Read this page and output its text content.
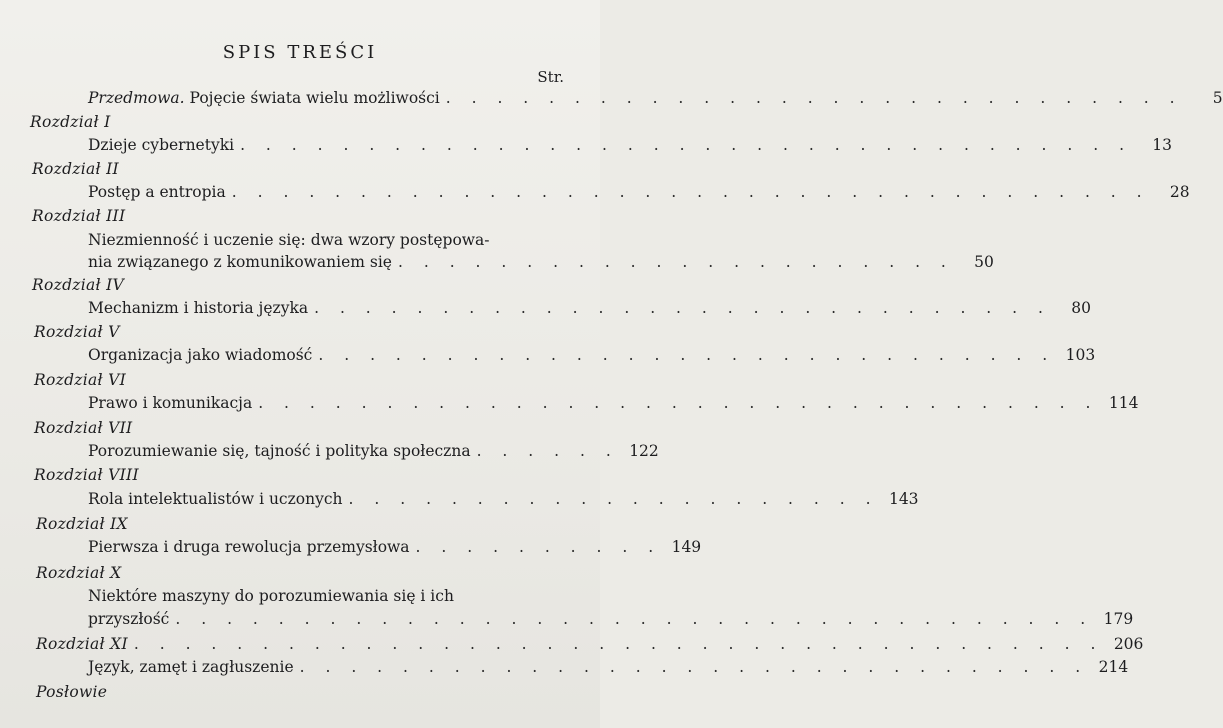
SPIS TREŚCI
Str.
Przedmowa. Pojęcie świata wielu możliwości . . . . . . . . . . . . . . . . . . . . . . . . . . . . .	5
Rozdział I
Dzieje cybernetyki . . . . . . . . . . . . . . . . . . . . . . . . . . . . . . . . . . .	13
Rozdział II
Postęp a entropia . . . . . . . . . . . . . . . . . . . . . . . . . . . . . . . . . . . .	28
Rozdział III
Niezmienność i uczenie się: dwa wzory postępowa-
nia związanego z komunikowaniem się . . . . . . . . . . . . . . . . . . . . . .	50
Rozdział IV
Mechanizm i historia języka . . . . . . . . . . . . . . . . . . . . . . . . . . . . .	80
Rozdział V
Organizacja jako wiadomość . . . . . . . . . . . . . . . . . . . . . . . . . . . . . 103
Rozdział VI
Prawo i komunikacja . . . . . . . . . . . . . . . . . . . . . . . . . . . . . . . . . 114
Rozdział VII
Porozumiewanie się, tajność i polityka społeczna . . . . . . 122
Rozdział VIII
Rola intelektualistów i uczonych . . . . . . . . . . . . . . . . . . . . . 143
Rozdział IX
Pierwsza i druga rewolucja przemysłowa . . . . . . . . . . 149
Rozdział X
Niektóre maszyny do porozumiewania się i ich
przyszłość . . . . . . . . . . . . . . . . . . . . . . . . . . . . . . . . . . . . 179
Rozdział XI . . . . . . . . . . . . . . . . . . . . . . . . . . . . . . . . . . . . . . 206
Język, zamęt i zagłuszenie . . . . . . . . . . . . . . . . . . . . . . . . . . . . . . . 214
Posłowie
